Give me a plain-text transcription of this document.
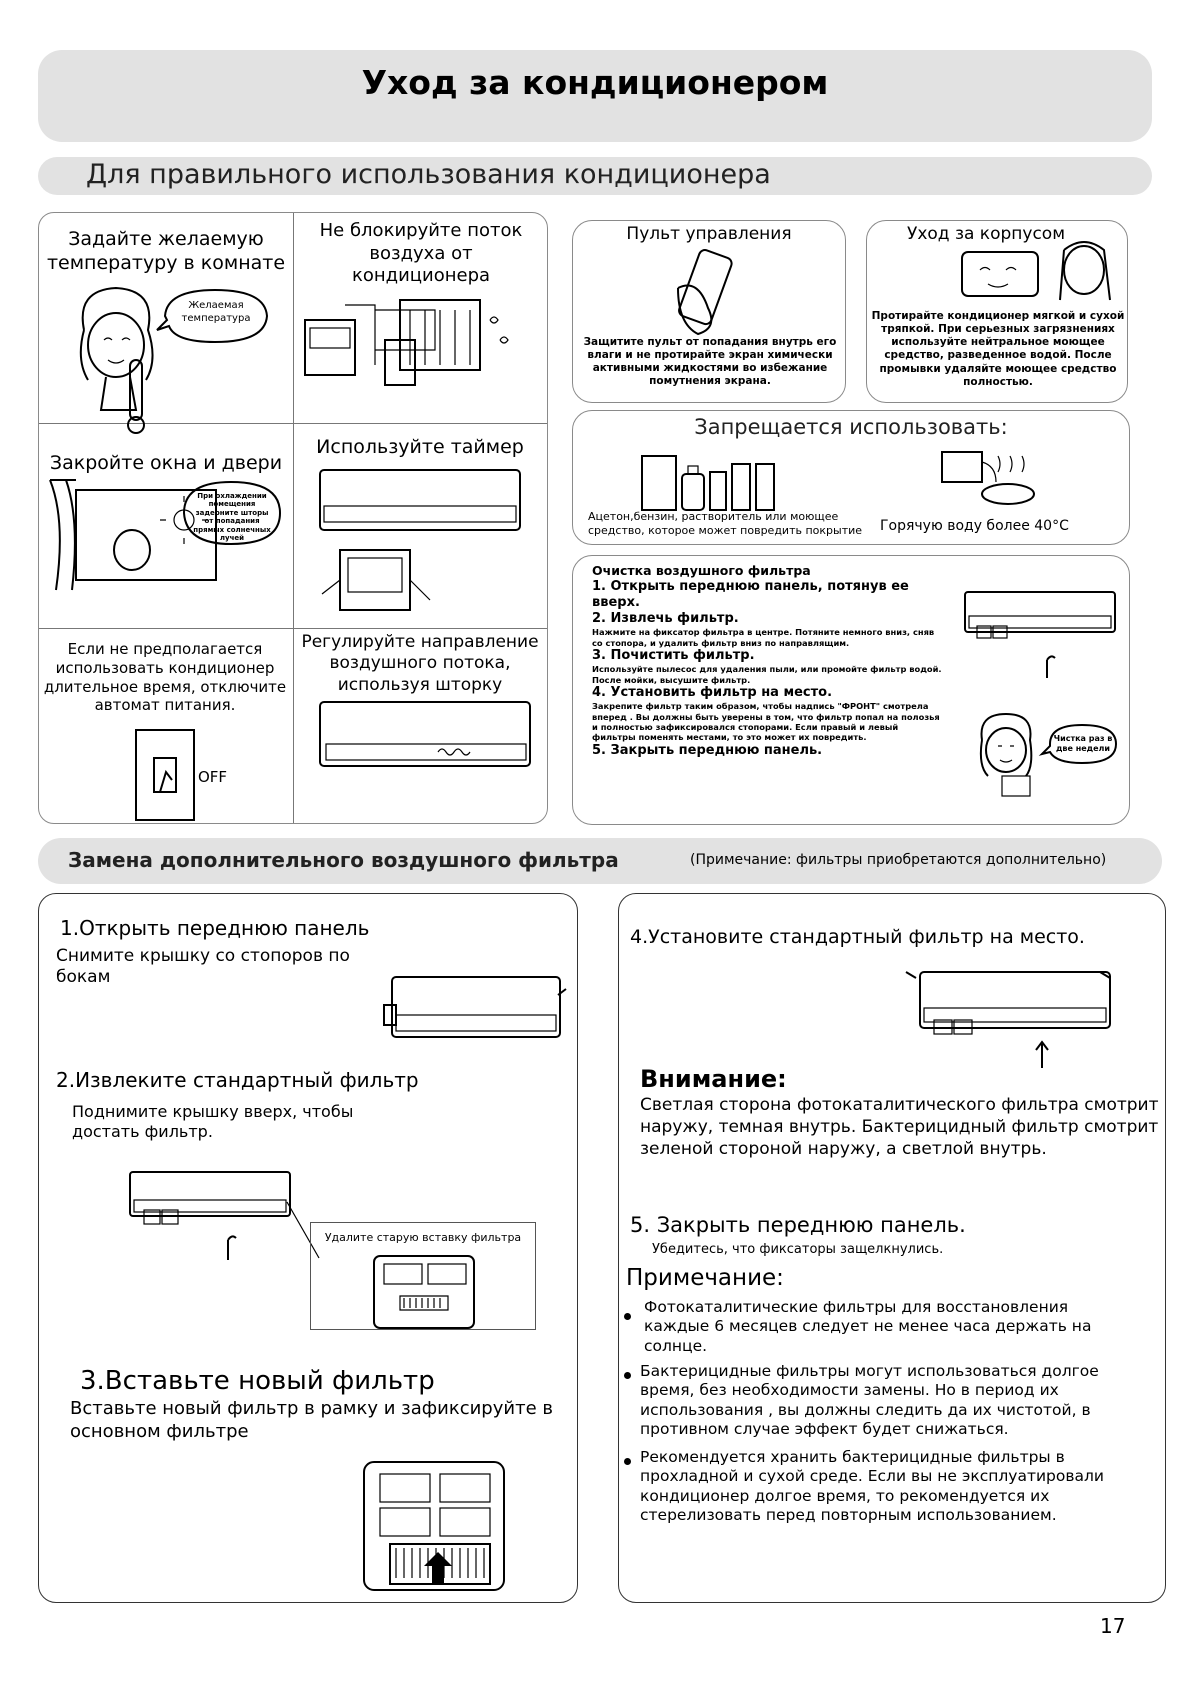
Уход за кондиционером
Для правильного использования кондиционера
Задайте желаемую температуру в комнате
Не блокируйте поток воздуха от кондиционера
Закройте окна и двери
Используйте таймер
Если не предполагается использовать кондиционер длительное время, отключите автомат питания.
Регулируйте направление воздушного потока, используя шторку
Желаемая температура
При охлаждении помещения задерните шторы от попадания прямых солнечных лучей
OFF
Пульт управления
Защитите пульт от попадания внутрь его влаги и не протирайте экран химически активными жидкостями во избежание помутнения экрана.
Уход за корпусом
Протирайте кондиционер мягкой и сухой тряпкой. При серьезных загрязнениях используйте нейтральное моющее средство, разведенное водой. После промывки удаляйте моющее средство полностью.
Запрещается использовать:
Ацетон,бензин, растворитель или моющее средство, которое может повредить покрытие	Горячую воду более 40°C
Очистка воздушного фильтра
1. Открыть переднюю панель, потянув ее вверх.
2. Извлечь фильтр.
Нажмите на фиксатор фильтра в центре. Потяните немного вниз, сняв со стопора, и удалить фильтр вниз по направлящим.
3. Почистить фильтр.
Используйте пылесос для удаления пыли, или промойте фильтр водой. После мойки, высушите фильтр.
4. Установить фильтр на место.
Закрепите фильтр таким образом, чтобы надпись "ФРОНТ" смотрела вперед . Вы должны быть уверены в том, что фильтр попал на полозья и полностью зафиксировался стопорами. Если правый и левый фильтры поменять местами, то это может их повредить.
5. Закрыть переднюю панель.
Чистка раз в две недели
Замена дополнительного воздушного фильтра	(Примечание: фильтры приобретаются дополнительно)
1.Открыть переднюю панель
Снимите крышку со стопоров по бокам
2.Извлеките стандартный фильтр
Поднимите крышку вверх, чтобы достать фильтр.
Удалите старую вставку фильтра
3.Вставьте новый фильтр
Вставьте новый фильтр в рамку и зафиксируйте в основном фильтре
4.Установите стандартный фильтр на место.
Внимание:
Светлая сторона фотокаталитического фильтра смотрит наружу, темная внутрь. Бактерицидный фильтр смотрит зеленой стороной наружу, а светлой внутрь.
5. Закрыть переднюю панель.
Убедитесь, что фиксаторы защелкнулись.
Примечание:
Фотокаталитические фильтры для восстановления каждые 6 месяцев следует не менее часа держать на солнце.
Бактерицидные фильтры могут использоваться долгое время, без необходимости замены. Но в период их использования , вы должны следить да их чистотой, в противном случае эффект будет снижаться.
Рекомендуется хранить бактерицидные фильтры в прохладной и сухой среде. Если вы не эксплуатировали кондиционер долгое время, то рекомендуется их стерелизовать перед повторным использованием.
17
